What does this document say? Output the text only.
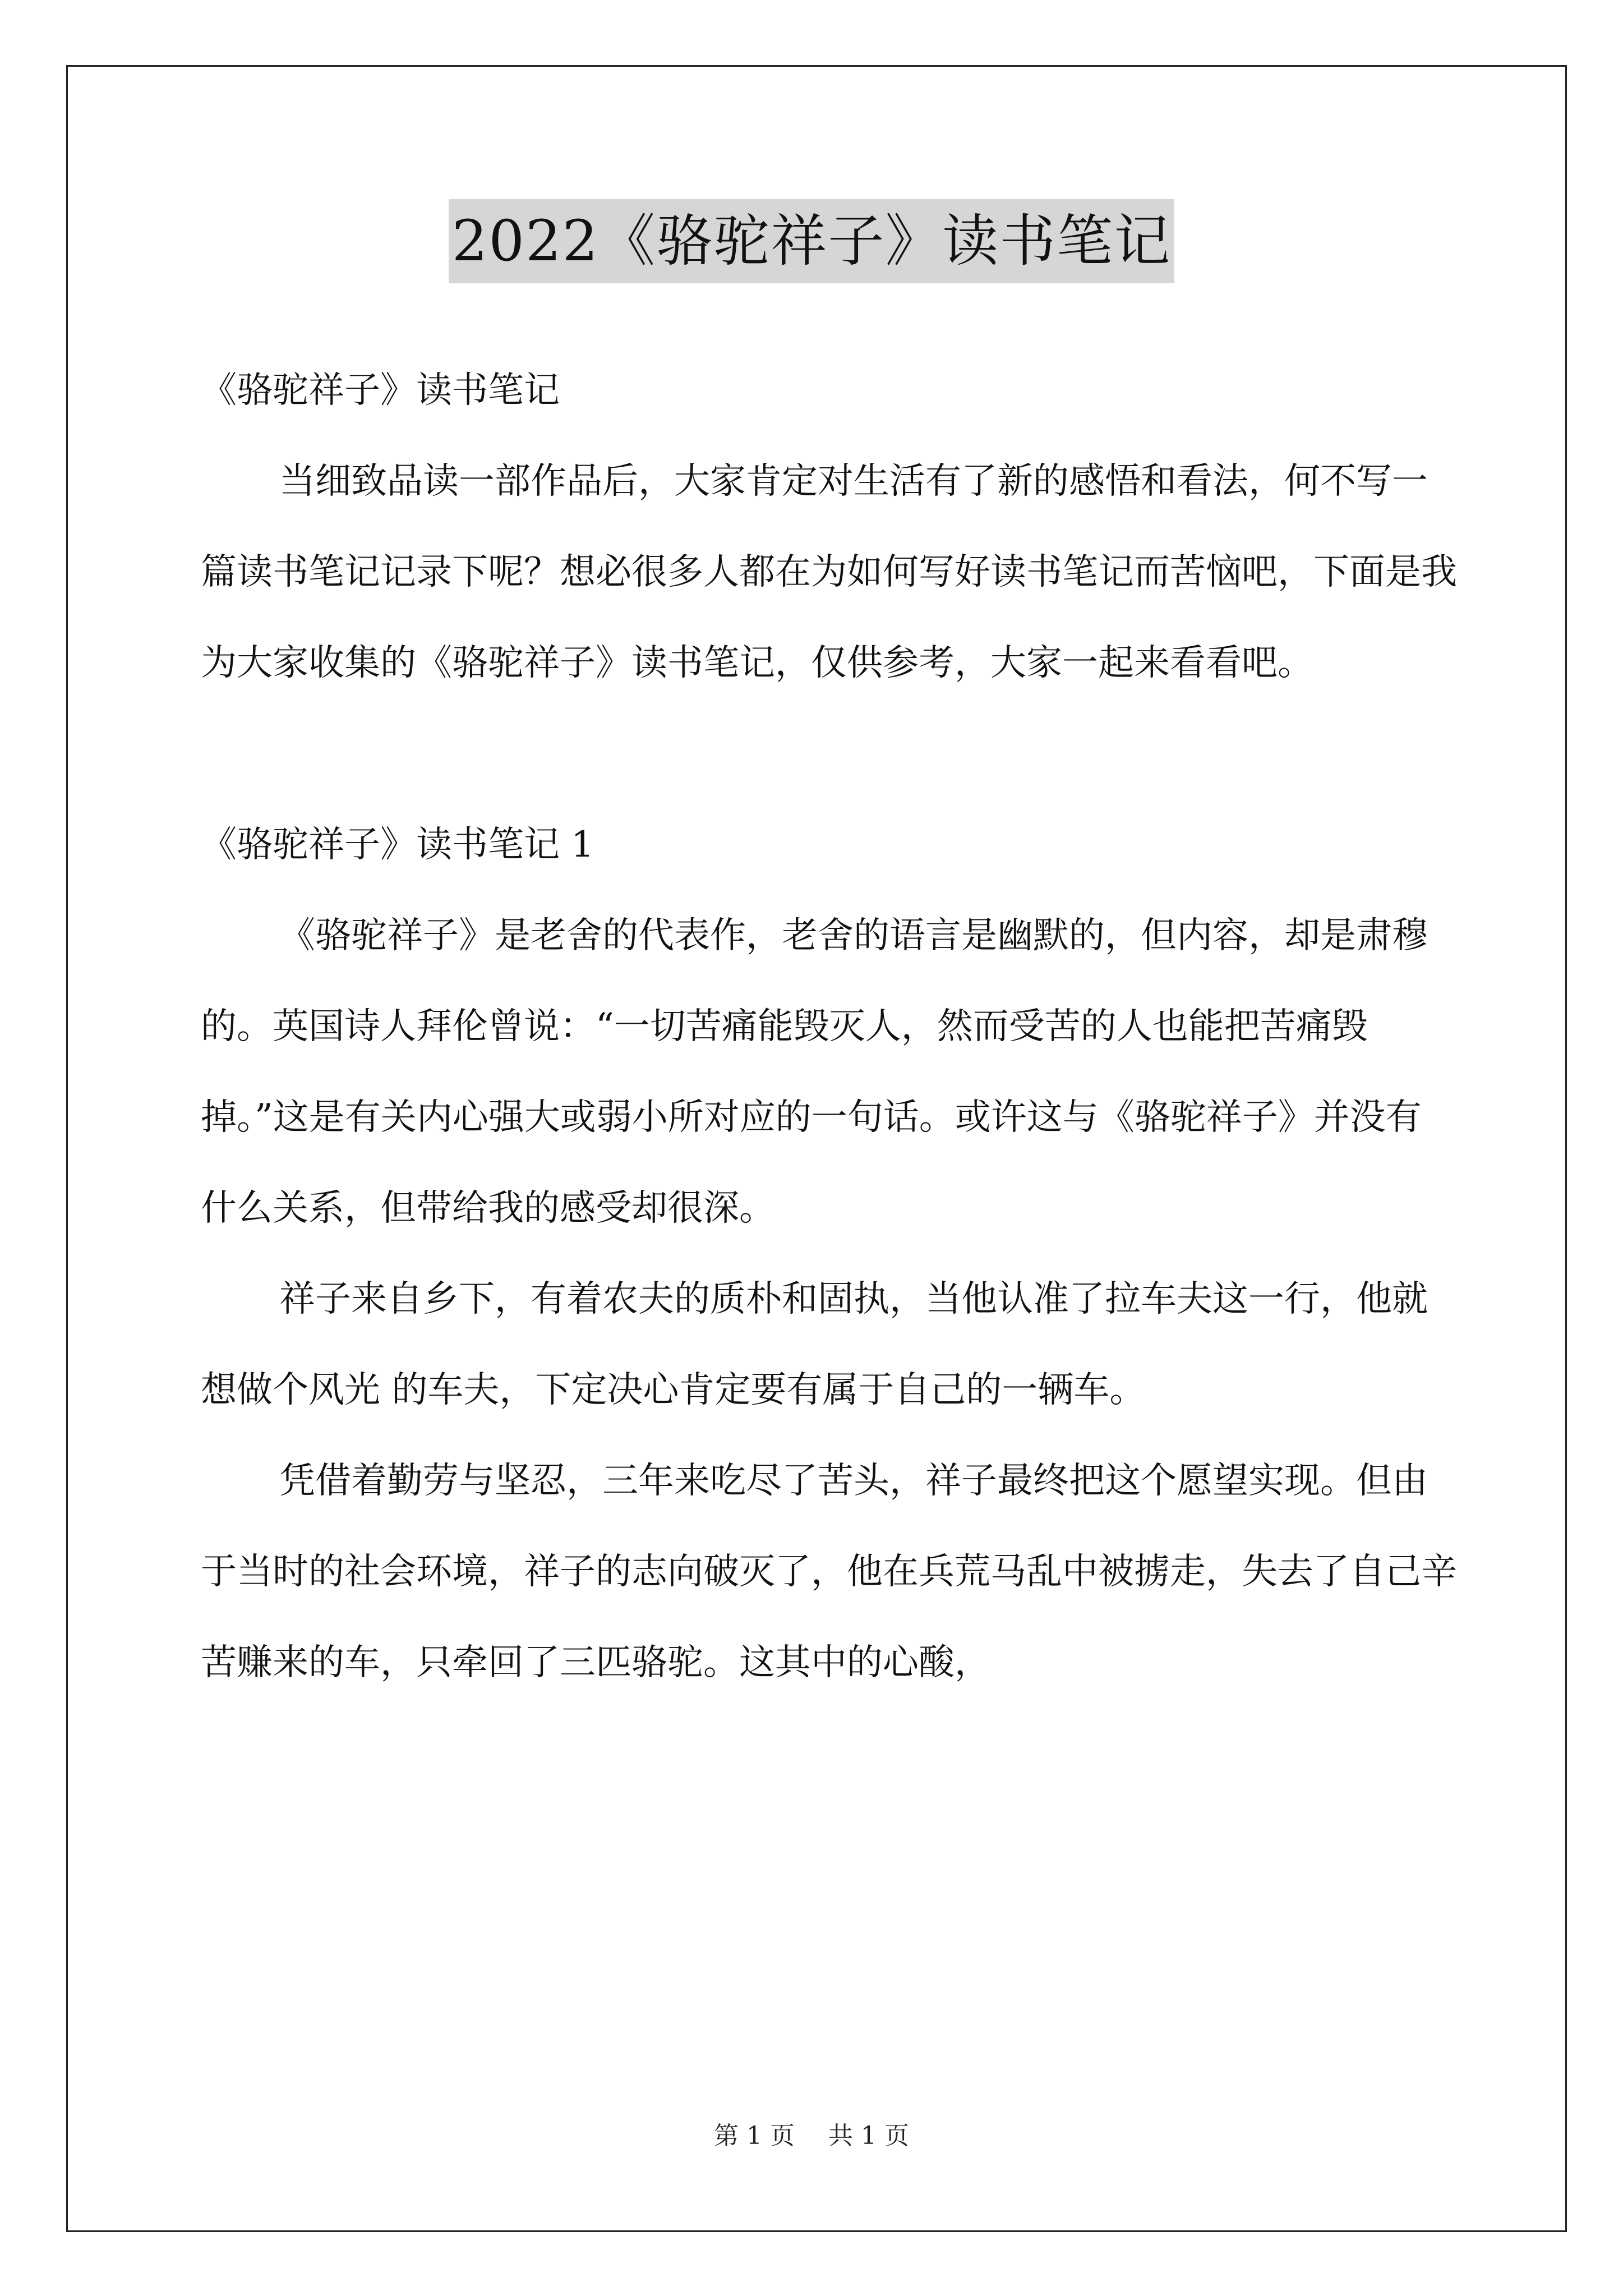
2022《骆驼祥子》读书笔记

《骆驼祥子》读书笔记

当细致品读一部作品后，大家肯定对生活有了新的感悟和看法，何不写一篇读书笔记记录下呢？想必很多人都在为如何写好读书笔记而苦恼吧，下面是我为大家收集的《骆驼祥子》读书笔记，仅供参考，大家一起来看看吧。

《骆驼祥子》读书笔记 1

《骆驼祥子》是老舍的代表作，老舍的语言是幽默的，但内容，却是肃穆的。英国诗人拜伦曾说：“一切苦痛能毁灭人，然而受苦的人也能把苦痛毁掉。”这是有关内心强大或弱小所对应的一句话。或许这与《骆驼祥子》并没有什么关系，但带给我的感受却很深。

祥子来自乡下，有着农夫的质朴和固执，当他认准了拉车夫这一行，他就想做个风光 的车夫，下定决心肯定要有属于自己的一辆车。

凭借着勤劳与坚忍，三年来吃尽了苦头，祥子最终把这个愿望实现。但由于当时的社会环境，祥子的志向破灭了，他在兵荒马乱中被掳走，失去了自己辛苦赚来的车，只牵回了三匹骆驼。这其中的心酸，

第 1 页 共 1 页
